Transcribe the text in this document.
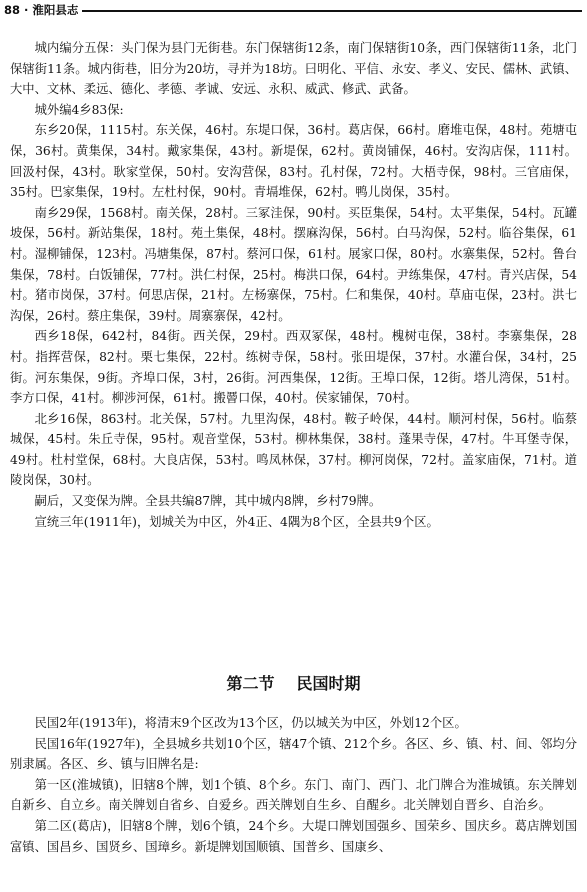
88 · 淮阳县志

城内编分五保：头门保为县门无街巷。东门保辖街12条，南门保辖街10条，西门保辖街11条，北门保辖街11条。城内街巷，旧分为20坊，寻并为18坊。曰明化、平信、永安、孝义、安民、儒林、武镇、大中、文林、柔远、德化、孝德、孝诚、安远、永积、威武、修武、武备。

城外编4乡83保:

东乡20保，1115村。东关保，46村。东堤口保，36村。葛店保，66村。磨堆屯保，48村。苑塘屯保，36村。黄集保，34村。戴家集保，43村。新堤保，62村。黄岗铺保，46村。安沟店保，111村。回汲村保，43村。耿家堂保，50村。安沟营保，83村。孔村保，72村。大梧寺保，98村。三官庙保，35村。巴家集保，19村。左杜村保，90村。青塥堆保，62村。鸭儿岗保，35村。

南乡29保，1568村。南关保，28村。三冢洼保，90村。买臣集保，54村。太平集保，54村。瓦罐坡保，56村。新站集保，18村。苑土集保，48村。摆麻沟保，56村。白马沟保，52村。临谷集保，61村。湿柳铺保，123村。冯塘集保，87村。蔡河口保，61村。展家口保，80村。水寨集保，52村。鲁台集保，78村。白饭铺保，77村。洪仁村保，25村。梅洪口保，64村。尹练集保，47村。青兴店保，54村。猪市岗保，37村。何思店保，21村。左杨寨保，75村。仁和集保，40村。草庙屯保，23村。洪七沟保，26村。蔡庄集保，39村。周寨寨保，42村。

西乡18保，642村，84街。西关保，29村。西双冢保，48村。槐树屯保，38村。李寨集保，28村。指挥营保，82村。栗七集保，22村。练树寺保，58村。张田堤保，37村。水灌台保，34村，25街。河东集保，9街。齐埠口保，3村，26街。河西集保，12街。王埠口保，12街。塔儿湾保，51村。李方口保，41村。柳涉河保，61村。搬罾口保，40村。侯家铺保，70村。

北乡16保，863村。北关保，57村。九里沟保，48村。鞍子岭保，44村。顺河村保，56村。临蔡城保，45村。朱丘寺保，95村。观音堂保，53村。柳林集保，38村。蓬果寺保，47村。牛耳堡寺保，49村。杜村堂保，68村。大良店保，53村。鸣凤林保，37村。柳河岗保，72村。盖家庙保，71村。道陵岗保，30村。

嗣后，又变保为牌。全县共编87牌，其中城内8牌，乡村79牌。

宣统三年(1911年)，划城关为中区，外4正、4隅为8个区，全县共9个区。

第二节 民国时期

民国2年(1913年)，将清末9个区改为13个区，仍以城关为中区，外划12个区。

民国16年(1927年)，全县城乡共划10个区，辖47个镇、212个乡。各区、乡、镇、村、间、邻均分别隶属。各区、乡、镇与旧牌名是:

第一区(淮城镇)，旧辖8个牌，划1个镇、8个乡。东门、南门、西门、北门牌合为淮城镇。东关牌划自新乡、自立乡。南关牌划自省乡、自爱乡。西关牌划自生乡、自醒乡。北关牌划自晋乡、自治乡。

第二区(葛店)，旧辖8个牌，划6个镇，24个乡。大堤口牌划国强乡、国荣乡、国庆乡。葛店牌划国富镇、国昌乡、国贤乡、国璋乡。新堤牌划国顺镇、国普乡、国康乡、
